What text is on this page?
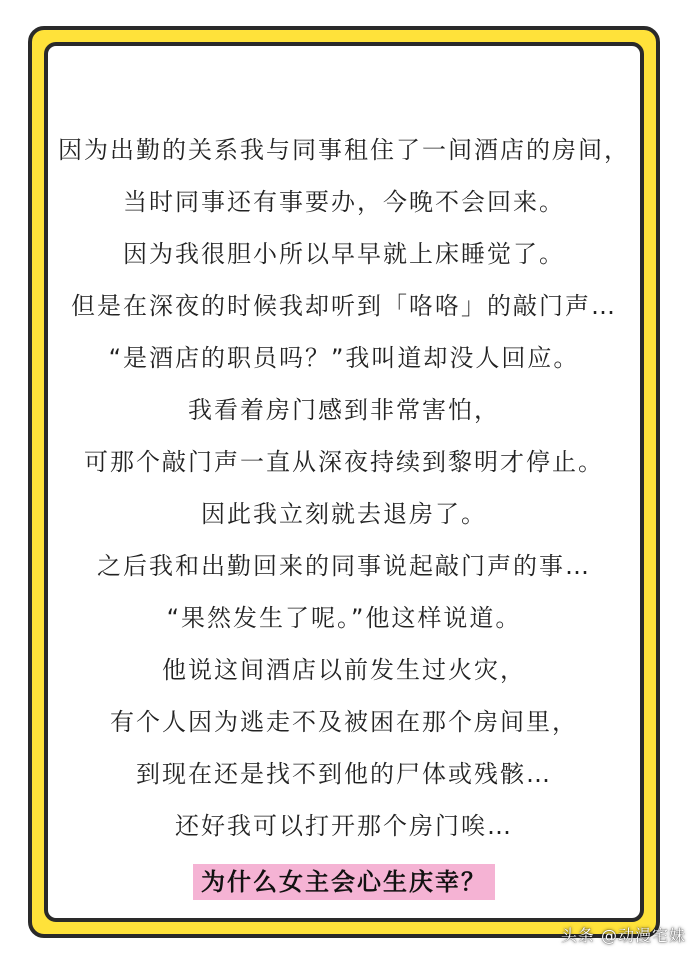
因为出勤的关系我与同事租住了一间酒店的房间，
当时同事还有事要办，今晚不会回来。
因为我很胆小所以早早就上床睡觉了。
但是在深夜的时候我却听到「咯咯」的敲门声…
“是酒店的职员吗？”我叫道却没人回应。
我看着房门感到非常害怕，
可那个敲门声一直从深夜持续到黎明才停止。
因此我立刻就去退房了。
之后我和出勤回来的同事说起敲门声的事…
“果然发生了呢。”他这样说道。
他说这间酒店以前发生过火灾，
有个人因为逃走不及被困在那个房间里，
到现在还是找不到他的尸体或残骸…
还好我可以打开那个房门唉…
为什么女主会心生庆幸？
头条 @动漫宅妹
